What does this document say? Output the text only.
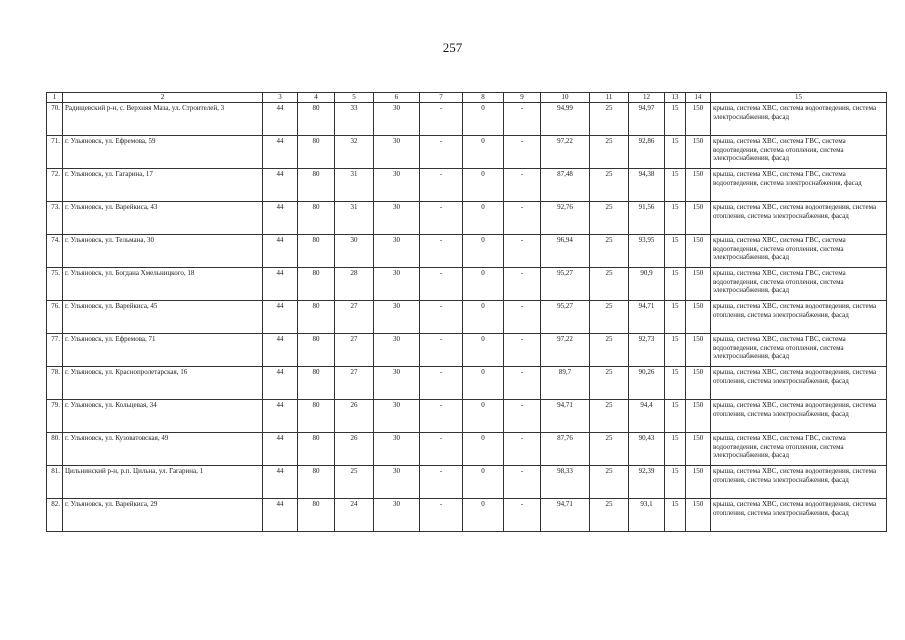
257
1	2	3	4	5	6	7	8	9	10	11	12	13	14	15
70.	Радищевский р-н, с. Верхняя Маза, ул. Строителей, 3	44	80	33	30	-	0	-	94,99	25	94,97	15	150	крыша, система ХВС, система водоотведения, система электроснабжения, фасад
71.	г. Ульяновск, ул. Ефремова, 59	44	80	32	30	-	0	-	97,22	25	92,86	15	150	крыша, система ХВС, система ГВС, система водоотведения, система отопления, система электроснабжения, фасад
72.	г. Ульяновск, ул. Гагарина, 17	44	80	31	30	-	0	-	87,48	25	94,38	15	150	крыша, система ХВС, система ГВС, система водоотведения, система электроснабжения, фасад
73.	г. Ульяновск, ул. Варейкиса, 43	44	80	31	30	-	0	-	92,76	25	91,56	15	150	крыша, система ХВС, система водоотведения, система отопления, система электроснабжения, фасад
74.	г. Ульяновск, ул. Тельмана, 30	44	80	30	30	-	0	-	96,94	25	93,95	15	150	крыша, система ХВС, система ГВС, система водоотведения, система отопления, система электроснабжения, фасад
75.	г. Ульяновск, ул. Богдана Хмельницкого, 18	44	80	28	30	-	0	-	95,27	25	90,9	15	150	крыша, система ХВС, система ГВС, система водоотведения, система отопления, система электроснабжения, фасад
76.	г. Ульяновск, ул. Варейкиса, 45	44	80	27	30	-	0	-	95,27	25	94,71	15	150	крыша, система ХВС, система водоотведения, система отопления, система электроснабжения, фасад
77.	г. Ульяновск, ул. Ефремова, 71	44	80	27	30	-	0	-	97,22	25	92,73	15	150	крыша, система ХВС, система ГВС, система водоотведения, система отопления, система электроснабжения, фасад
78.	г. Ульяновск, ул. Краснопролетарская, 16	44	80	27	30	-	0	-	89,7	25	90,26	15	150	крыша, система ХВС, система водоотведения, система отопления, система электроснабжения, фасад
79.	г. Ульяновск, ул. Кольцевая, 34	44	80	26	30	-	0	-	94,71	25	94,4	15	150	крыша, система ХВС, система водоотведения, система отопления, система электроснабжения, фасад
80.	г. Ульяновск, ул. Кузоватовская, 49	44	80	26	30	-	0	-	87,76	25	90,43	15	150	крыша, система ХВС, система ГВС, система водоотведения, система отопления, система электроснабжения, фасад
81.	Цильнинский р-н, р.п. Цильна, ул. Гагарина, 1	44	80	25	30	-	0	-	98,33	25	92,39	15	150	крыша, система ХВС, система водоотведения, система отопления, система электроснабжения, фасад
82.	г. Ульяновск, ул. Варейкиса, 29	44	80	24	30	-	0	-	94,71	25	93,1	15	150	крыша, система ХВС, система водоотведения, система отопления, система электроснабжения, фасад
